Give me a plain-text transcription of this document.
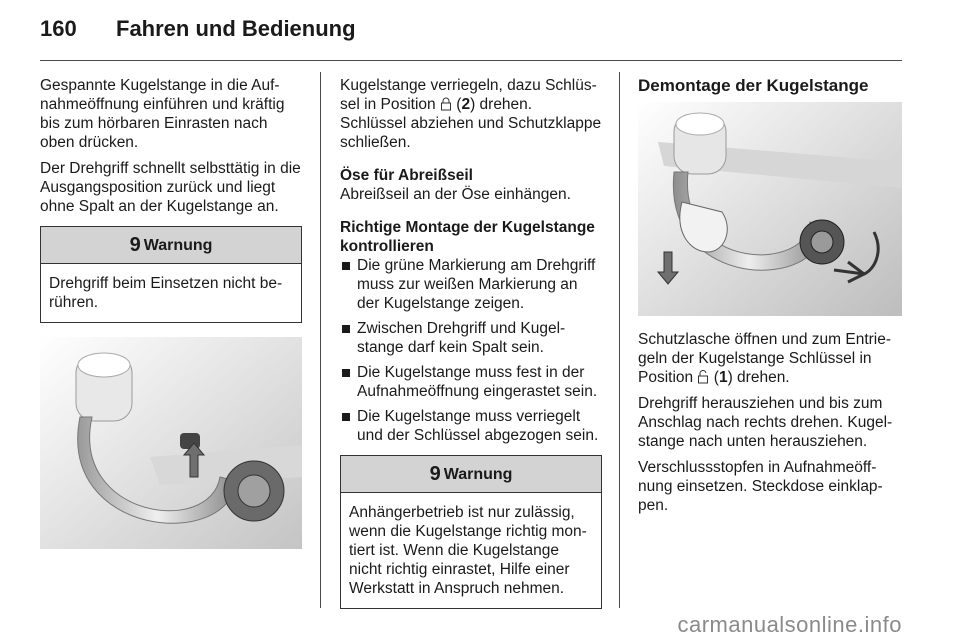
160	Fahren und Bedienung

Gespannte Kugelstange in die Auf-nahmeöffnung einführen und kräftig bis zum hörbaren Einrasten nach oben drücken.

Der Drehgriff schnellt selbsttätig in die Ausgangsposition zurück und liegt ohne Spalt an der Kugelstange an.

9 Warnung
Drehgriff beim Einsetzen nicht be-rühren.

Kugelstange verriegeln, dazu Schlüs-sel in Position  (2) drehen. Schlüssel abziehen und Schutzklappe schließen.

Öse für Abreißseil

Abreißseil an der Öse einhängen.

Richtige Montage der Kugelstange kontrollieren

Die grüne Markierung am Drehgriff muss zur weißen Markierung an der Kugelstange zeigen.
Zwischen Drehgriff und Kugel-stange darf kein Spalt sein.
Die Kugelstange muss fest in der Aufnahmeöffnung eingerastet sein.
Die Kugelstange muss verriegelt und der Schlüssel abgezogen sein.
9 Warnung
Anhängerbetrieb ist nur zulässig, wenn die Kugelstange richtig mon-tiert ist. Wenn die Kugelstange nicht richtig einrastet, Hilfe einer Werkstatt in Anspruch nehmen.

Demontage der Kugelstange

Schutzlasche öffnen und zum Entrie-geln der Kugelstange Schlüssel in Position  (1) drehen.

Drehgriff herausziehen und bis zum Anschlag nach rechts drehen. Kugel-stange nach unten herausziehen.

Verschlussstopfen in Aufnahmeöff-nung einsetzen. Steckdose einklap-pen.

carmanualsonline.info
